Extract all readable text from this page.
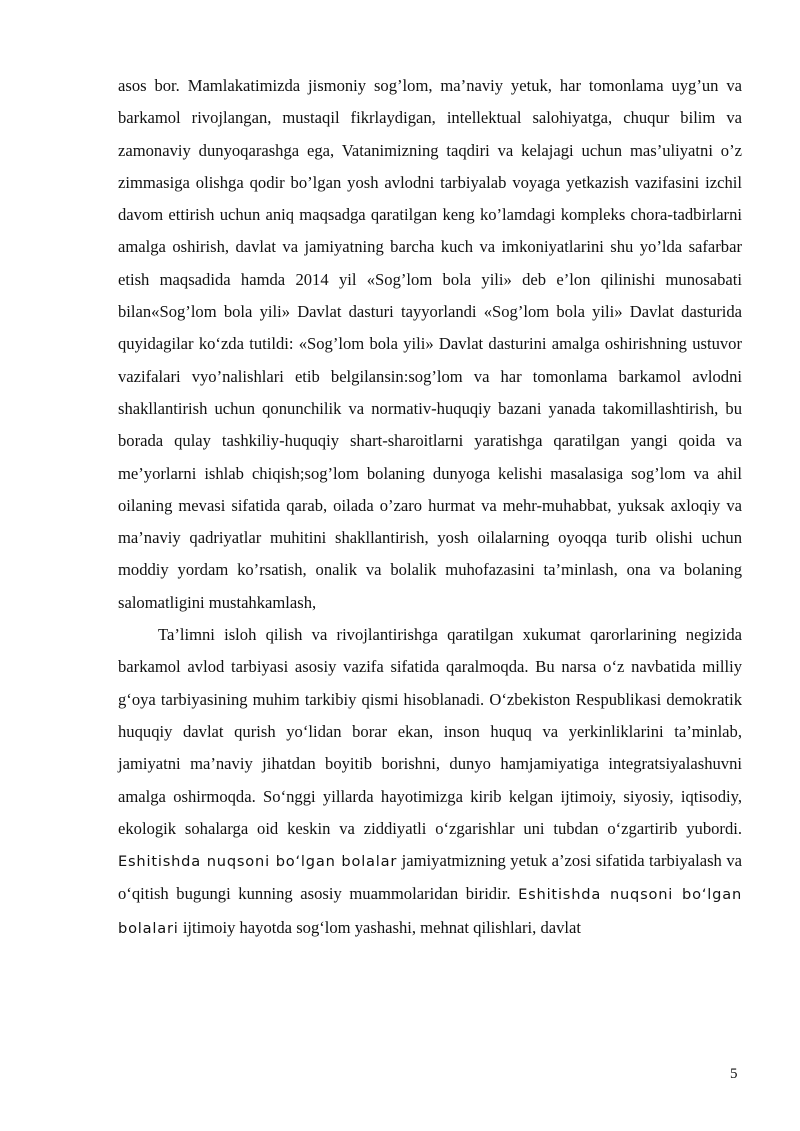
asos bor. Mamlakatimizda jismoniy sog’lom, ma’naviy yetuk, har tomonlama uyg’un va barkamol rivojlangan, mustaqil fikrlaydigan, intellektual salohiyatga, chuqur bilim va zamonaviy dunyoqarashga ega, Vatanimizning taqdiri va kelajagi uchun mas’uliyatni o’z zimmasiga olishga qodir bo’lgan yosh avlodni tarbiyalab voyaga yetkazish vazifasini izchil davom ettirish uchun aniq maqsadga qaratilgan keng ko’lamdagi kompleks chora-tadbirlarni amalga oshirish, davlat va jamiyatning barcha kuch va imkoniyatlarini shu yo’lda safarbar etish maqsadida hamda 2014 yil «Sog’lom bola yili» deb e’lon qilinishi munosabati bilan«Sog’lom bola yili» Davlat dasturi tayyorlandi «Sog’lom bola yili» Davlat dasturida quyidagilar ko‘zda tutildi: «Sog’lom bola yili» Davlat dasturini amalga oshirishning ustuvor vazifalari vyo’nalishlari etib belgilansin:sog’lom va har tomonlama barkamol avlodni shakllantirish uchun qonunchilik va normativ-huquqiy bazani yanada takomillashtirish, bu borada qulay tashkiliy-huquqiy shart-sharoitlarni yaratishga qaratilgan yangi qoida va me’yorlarni ishlab chiqish;sog’lom bolaning dunyoga kelishi masalasiga sog’lom va ahil oilaning mevasi sifatida qarab, oilada o’zaro hurmat va mehr-muhabbat, yuksak axloqiy va ma’naviy qadriyatlar muhitini shakllantirish, yosh oilalarning oyoqqa turib olishi uchun moddiy yordam ko’rsatish, onalik va bolalik muhofazasini ta’minlash, ona va bolaning salomatligini mustahkamlash,

Ta’limni isloh qilish va rivojlantirishga qaratilgan xukumat qarorlarining negizida barkamol avlod tarbiyasi asosiy vazifa sifatida qaralmoqda. Bu narsa o‘z navbatida milliy g‘oya tarbiyasining muhim tarkibiy qismi hisoblanadi. O‘zbekiston Respublikasi demokratik huquqiy davlat qurish yo‘lidan borar ekan, inson huquq va yerkinliklarini ta’minlab, jamiyatni ma’naviy jihatdan boyitib borishni, dunyo hamjamiyatiga integratsiyalashuvni amalga oshirmoqda. So‘nggi yillarda hayotimizga kirib kelgan ijtimoiy, siyosiy, iqtisodiy, ekologik sohalarga oid keskin va ziddiyatli o‘zgarishlar uni tubdan o‘zgartirib yubordi. Eshitishda nuqsoni bo‘lgan bolalar jamiyatmizning yetuk a’zosi sifatida tarbiyalash va o‘qitish bugungi kunning asosiy muammolaridan biridir. Eshitishda nuqsoni bo‘lgan bolalari ijtimoiy hayotda sog‘lom yashashi, mehnat qilishlari, davlat

5
